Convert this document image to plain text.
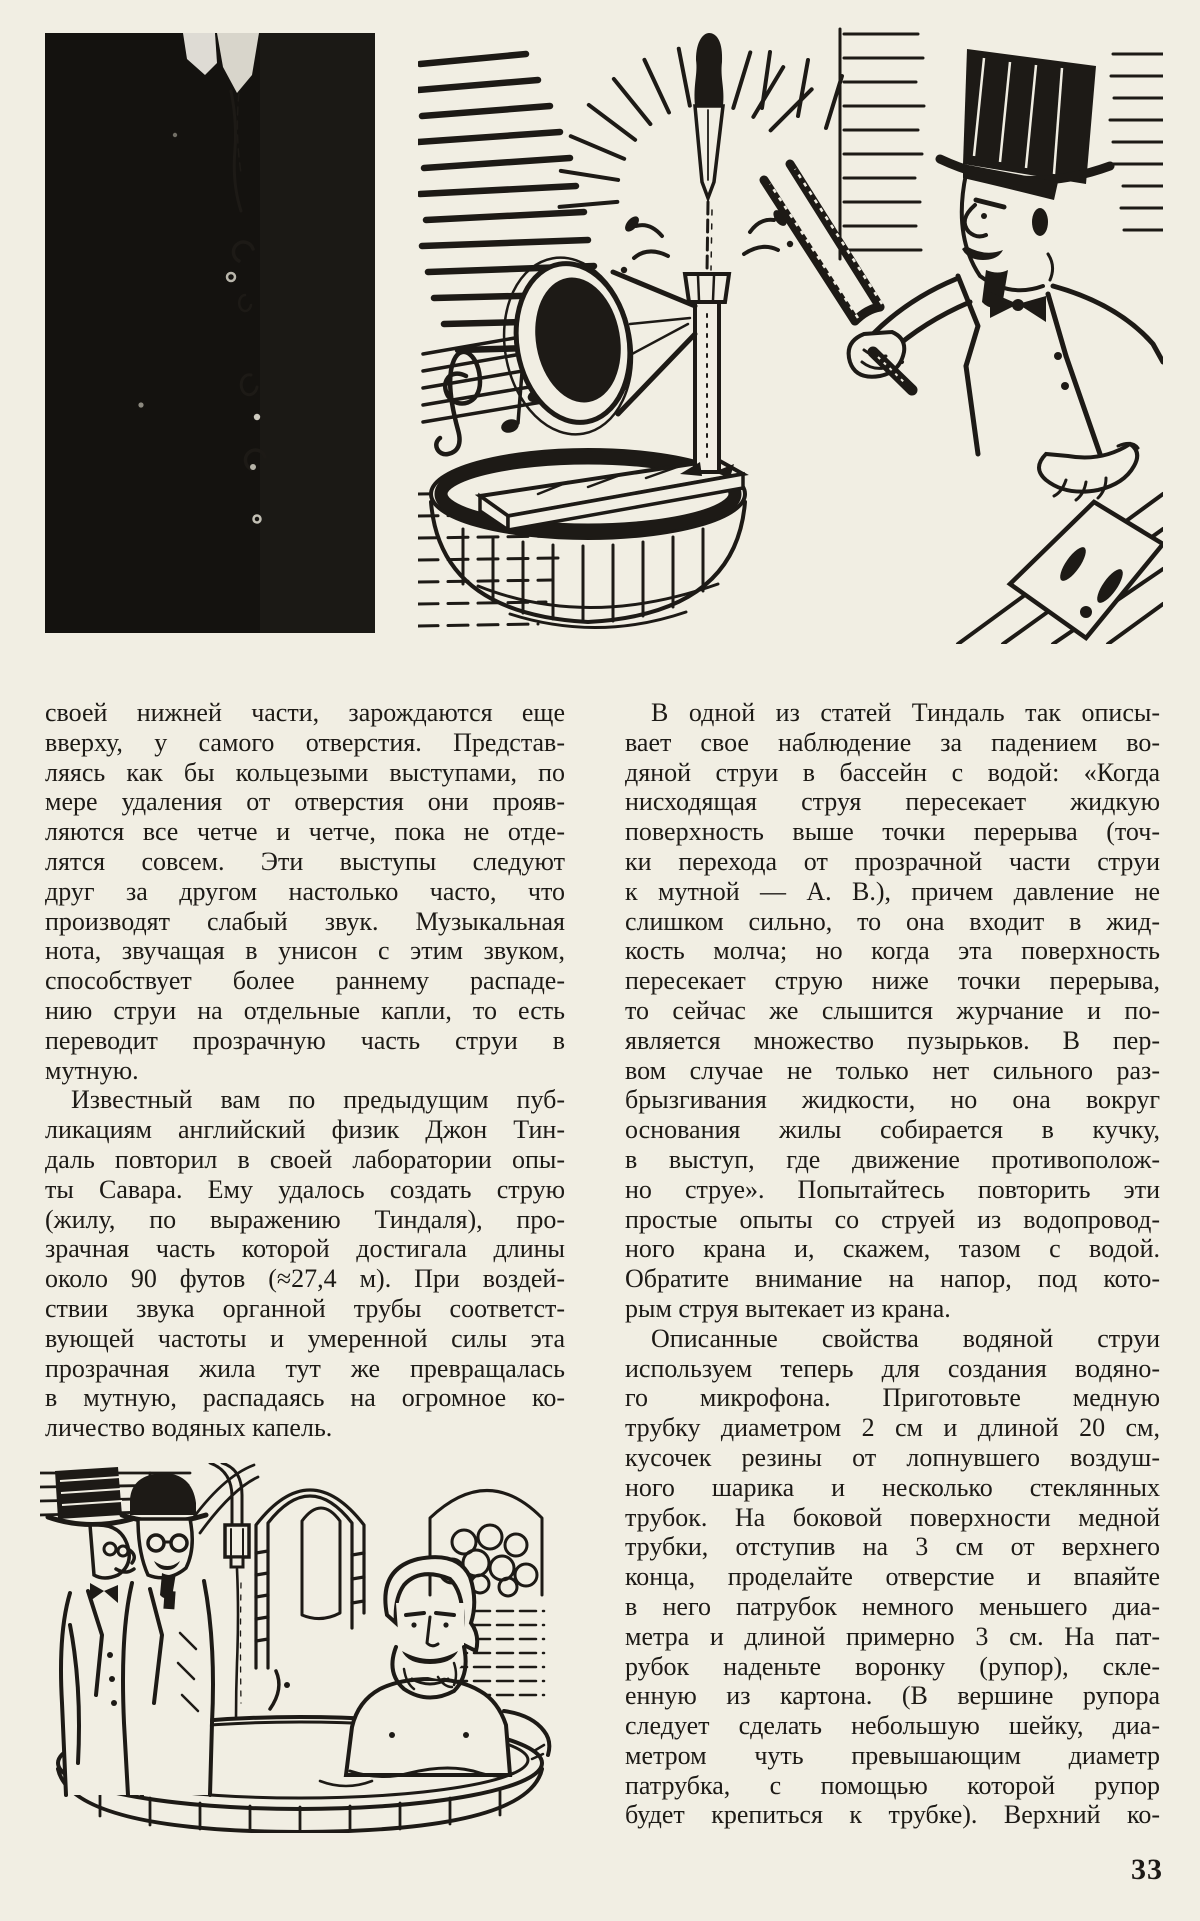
своей нижней части, зарождаются еще
вверху, у самого отверстия. Представ-
ляясь как бы кольцезыми выступами, по
мере удаления от отверстия они прояв-
ляются все четче и четче, пока не отде-
лятся совсем. Эти выступы следуют
друг за другом настолько часто, что
производят слабый звук. Музыкальная
нота, звучащая в унисон с этим звуком,
способствует более раннему распаде-
нию струи на отдельные капли, то есть
переводит прозрачную часть струи в
мутную.
Известный вам по предыдущим пуб-
ликациям английский физик Джон Тин-
даль повторил в своей лаборатории опы-
ты Савара. Ему удалось создать струю
(жилу, по выражению Тиндаля), про-
зрачная часть которой достигала длины
около 90 футов (≈27,4 м). При воздей-
ствии звука органной трубы соответст-
вующей частоты и умеренной силы эта
прозрачная жила тут же превращалась
в мутную, распадаясь на огромное ко-
личество водяных капель.
В одной из статей Тиндаль так описы-
вает свое наблюдение за падением во-
дяной струи в бассейн с водой: «Когда
нисходящая струя пересекает жидкую
поверхность выше точки перерыва (точ-
ки перехода от прозрачной части струи
к мутной — А. В.), причем давление не
слишком сильно, то она входит в жид-
кость молча; но когда эта поверхность
пересекает струю ниже точки перерыва,
то сейчас же слышится журчание и по-
является множество пузырьков. В пер-
вом случае не только нет сильного раз-
брызгивания жидкости, но она вокруг
основания жилы собирается в кучку,
в выступ, где движение противополож-
но струе». Попытайтесь повторить эти
простые опыты со струей из водопровод-
ного крана и, скажем, тазом с водой.
Обратите внимание на напор, под кото-
рым струя вытекает из крана.
Описанные свойства водяной струи
используем теперь для создания водяно-
го микрофона. Приготовьте медную
трубку диаметром 2 см и длиной 20 см,
кусочек резины от лопнувшего воздуш-
ного шарика и несколько стеклянных
трубок. На боковой поверхности медной
трубки, отступив на 3 см от верхнего
конца, проделайте отверстие и впаяйте
в него патрубок немного меньшего диа-
метра и длиной примерно 3 см. На пат-
рубок наденьте воронку (рупор), скле-
енную из картона. (В вершине рупора
следует сделать небольшую шейку, диа-
метром чуть превышающим диаметр
патрубка, с помощью которой рупор
будет крепиться к трубке). Верхний ко-
33
